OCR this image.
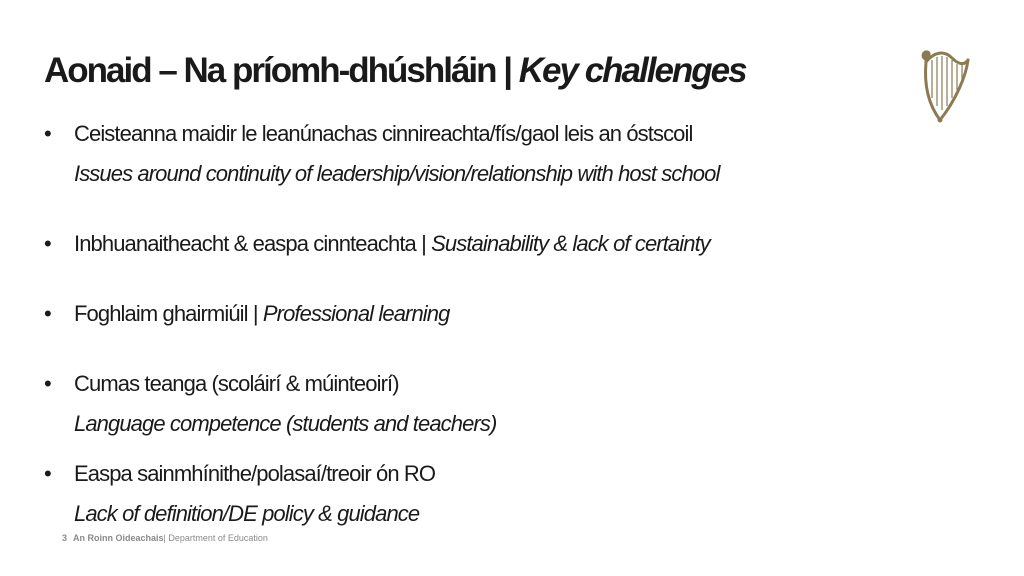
Aonaid – Na príomh-dhúshláin | Key challenges
• Ceisteanna maidir le leanúnachas cinnireachta/fís/gaol leis an óstscoil
Issues around continuity of leadership/vision/relationship with host school
• Inbhuanaitheacht & easpa cinnteachta | Sustainability & lack of certainty
• Foghlaim ghairmiúil | Professional learning
• Cumas teanga (scoláirí & múinteoirí)
Language competence (students and teachers)
• Easpa sainmhínithe/polasaí/treoir ón RO
Lack of definition/DE policy & guidance
3 An Roinn Oideachais| Department of Education
